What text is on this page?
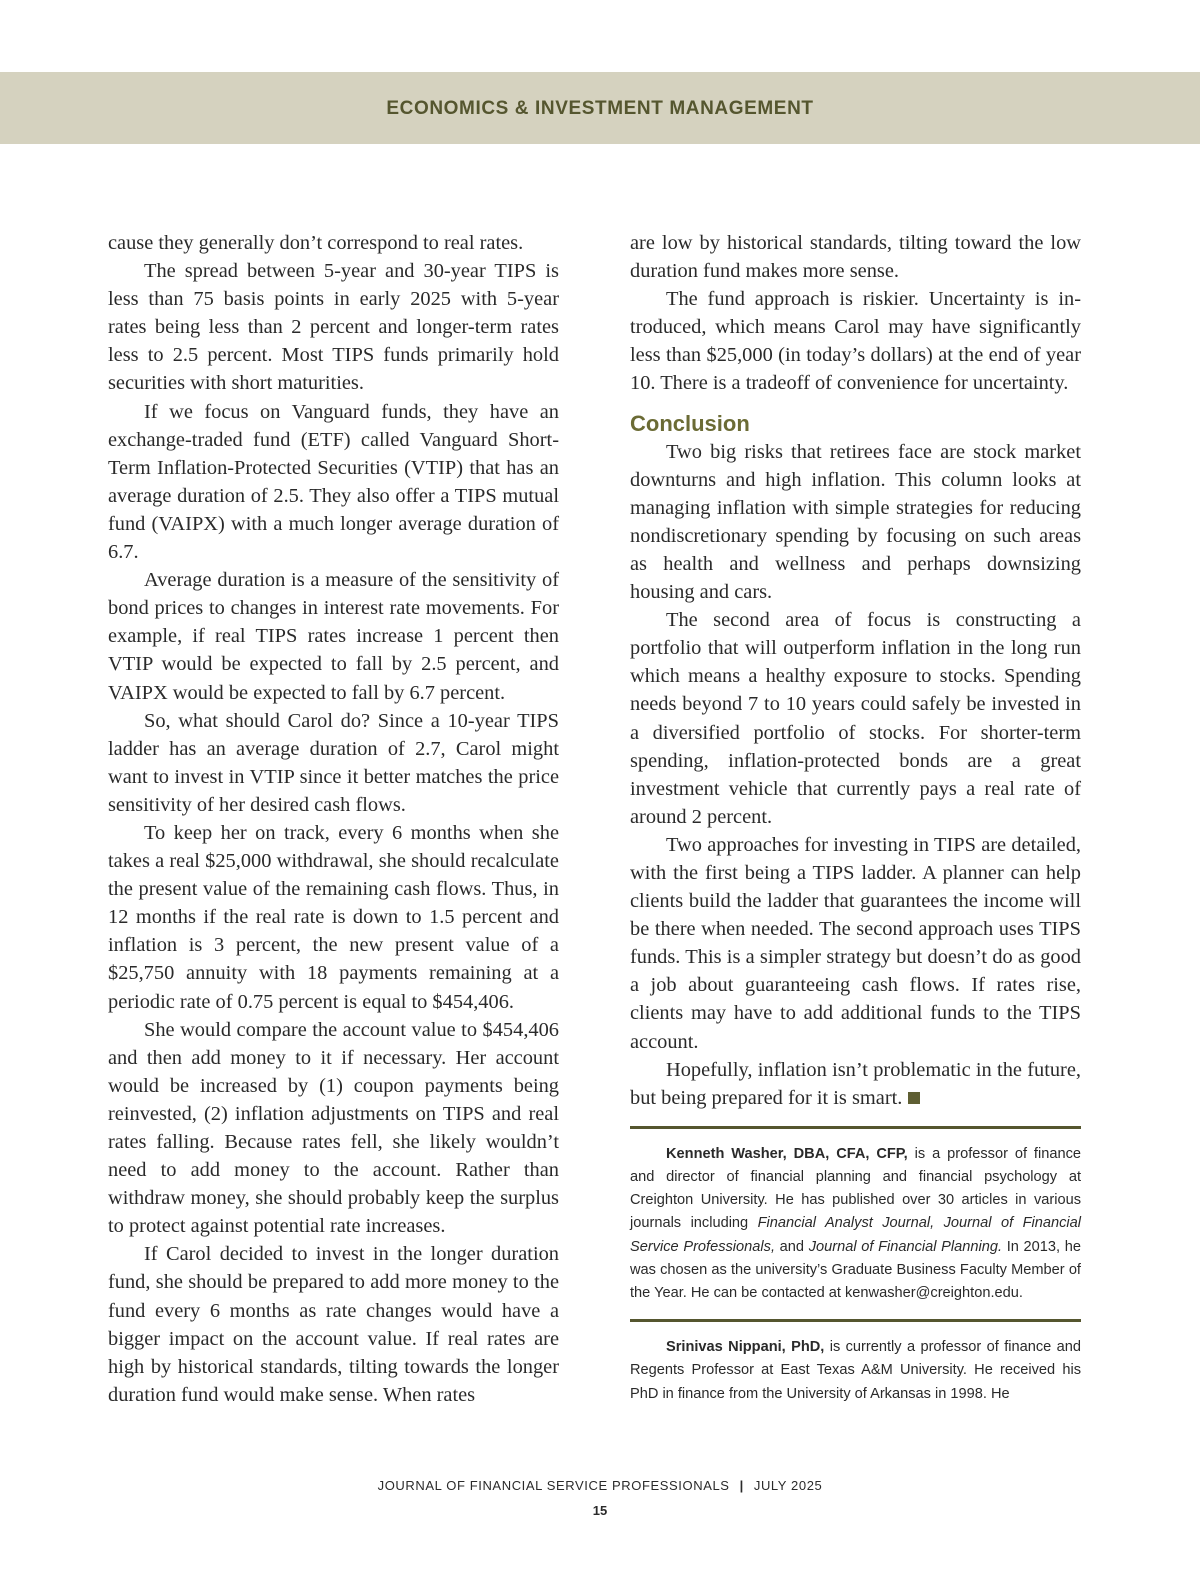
ECONOMICS & INVESTMENT MANAGEMENT

cause they generally don’t correspond to real rates.

The spread between 5-year and 30-year TIPS is less than 75 basis points in early 2025 with 5-year rates being less than 2 percent and longer-term rates less to 2.5 percent. Most TIPS funds primarily hold securities with short maturities.

If we focus on Vanguard funds, they have an exchange-traded fund (ETF) called Vanguard Short-Term Inflation-Protected Securities (VTIP) that has an average duration of 2.5. They also offer a TIPS mutual fund (VAIPX) with a much longer average duration of 6.7.

Average duration is a measure of the sensitivity of bond prices to changes in interest rate movements. For example, if real TIPS rates increase 1 percent then VTIP would be expected to fall by 2.5 percent, and VAIPX would be expected to fall by 6.7 percent.

So, what should Carol do? Since a 10-year TIPS ladder has an average duration of 2.7, Carol might want to invest in VTIP since it better matches the price sensitivity of her desired cash flows.

To keep her on track, every 6 months when she takes a real $25,000 withdrawal, she should recalculate the present value of the remaining cash flows. Thus, in 12 months if the real rate is down to 1.5 percent and inflation is 3 percent, the new present value of a $25,750 annuity with 18 payments remaining at a periodic rate of 0.75 percent is equal to $454,406.

She would compare the account value to $454,406 and then add money to it if necessary. Her account would be increased by (1) coupon payments being reinvested, (2) inflation adjustments on TIPS and real rates falling. Because rates fell, she likely wouldn’t need to add money to the account. Rather than withdraw money, she should probably keep the surplus to protect against potential rate increases.

If Carol decided to invest in the longer duration fund, she should be prepared to add more money to the fund every 6 months as rate changes would have a bigger impact on the account value. If real rates are high by historical standards, tilting towards the longer duration fund would make sense. When rates

are low by historical standards, tilting toward the low duration fund makes more sense.

The fund approach is riskier. Uncertainty is introduced, which means Carol may have significantly less than $25,000 (in today’s dollars) at the end of year 10. There is a tradeoff of convenience for uncertainty.

Conclusion

Two big risks that retirees face are stock market downturns and high inflation. This column looks at managing inflation with simple strategies for reducing nondiscretionary spending by focusing on such areas as health and wellness and perhaps downsizing housing and cars.

The second area of focus is constructing a portfolio that will outperform inflation in the long run which means a healthy exposure to stocks. Spending needs beyond 7 to 10 years could safely be invested in a diversified portfolio of stocks. For shorter-term spending, inflation-protected bonds are a great investment vehicle that currently pays a real rate of around 2 percent.

Two approaches for investing in TIPS are detailed, with the first being a TIPS ladder. A planner can help clients build the ladder that guarantees the income will be there when needed. The second approach uses TIPS funds. This is a simpler strategy but doesn’t do as good a job about guaranteeing cash flows. If rates rise, clients may have to add additional funds to the TIPS account.

Hopefully, inflation isn’t problematic in the future, but being prepared for it is smart.

Kenneth Washer, DBA, CFA, CFP, is a professor of finance and director of financial planning and financial psychology at Creighton University. He has published over 30 articles in various journals including Financial Analyst Journal, Journal of Financial Service Professionals, and Journal of Financial Planning. In 2013, he was chosen as the university’s Graduate Business Faculty Member of the Year. He can be contacted at kenwasher@creighton.edu.

Srinivas Nippani, PhD, is currently a professor of finance and Regents Professor at East Texas A&M University. He received his PhD in finance from the University of Arkansas in 1998. He

JOURNAL OF FINANCIAL SERVICE PROFESSIONALS | JULY 2025
15
